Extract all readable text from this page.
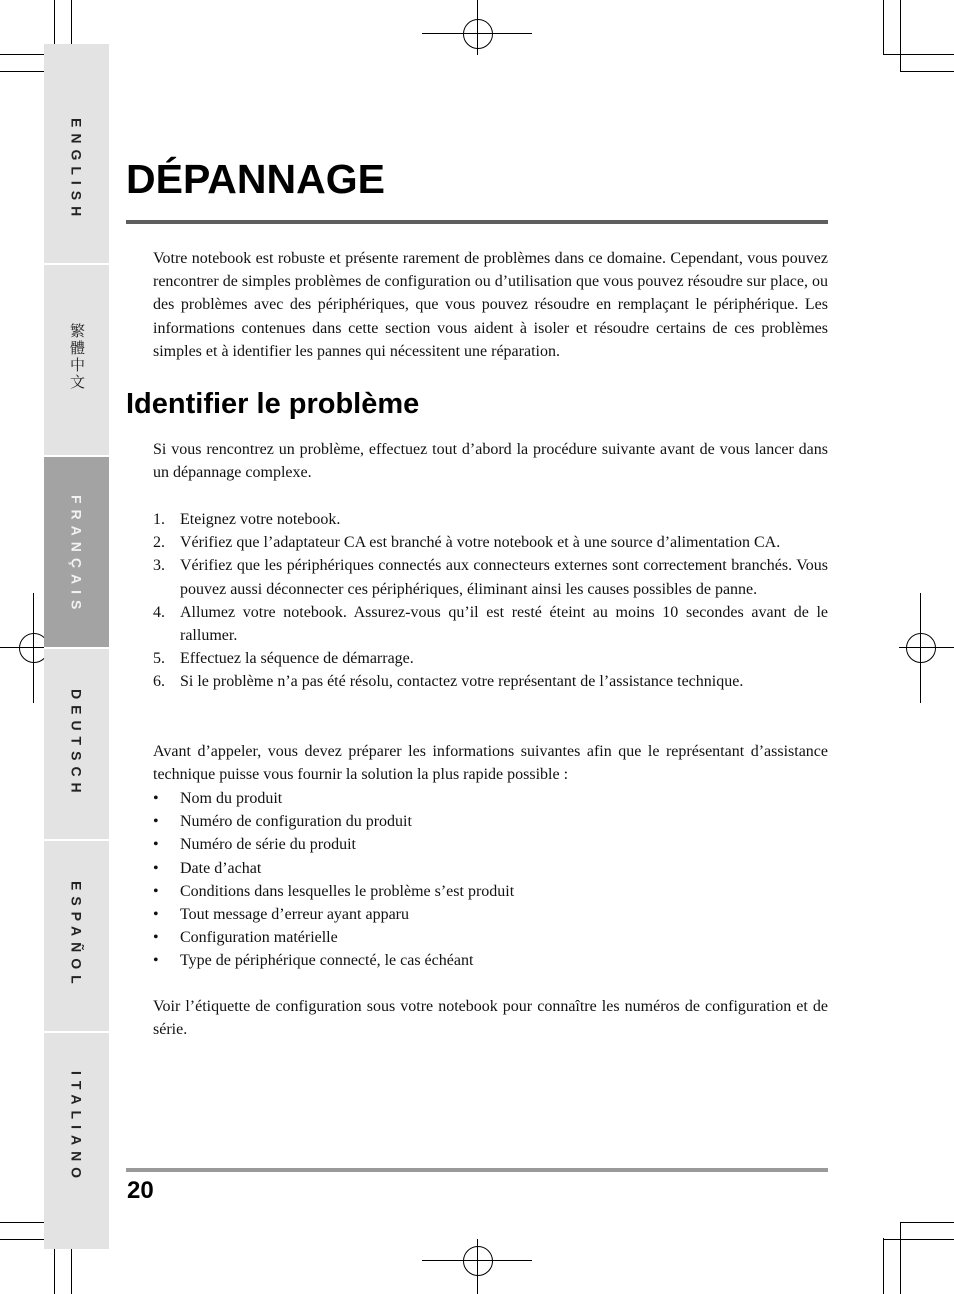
ENGLISH
繁體中文
FRANÇAIS
DEUTSCH
ESPAÑOL
ITALIANO
DÉPANNAGE

Votre notebook est robuste et présente rarement de problèmes dans ce domaine. Cependant, vous pouvez rencontrer de simples problèmes de configuration ou d’utilisation que vous pouvez résoudre sur place, ou des problèmes avec des périphériques, que vous pouvez résoudre en remplaçant le périphérique. Les informations contenues dans cette section vous aident à isoler et résoudre certains de ces problèmes simples et à identifier les pannes qui nécessitent une réparation.

Identifier le problème

Si vous rencontrez un problème, effectuez tout d’abord la procédure suivante avant de vous lancer dans un dépannage complexe.

1. Eteignez votre notebook.
2. Vérifiez que l’adaptateur CA est branché à votre notebook et à une source d’alimentation CA.
3. Vérifiez que les périphériques connectés aux connecteurs externes sont correctement branchés. Vous pouvez aussi déconnecter ces périphériques, éliminant ainsi les causes possibles de panne.
4. Allumez votre notebook. Assurez-vous qu’il est resté éteint au moins 10 secondes avant de le rallumer.
5. Effectuez la séquence de démarrage.
6. Si le problème n’a pas été résolu, contactez votre représentant de l’assistance technique.

Avant d’appeler, vous devez préparer les informations suivantes afin que le représentant d’assistance technique puisse vous fournir la solution la plus rapide possible :

•	Nom du produit
•	Numéro de configuration du produit
•	Numéro de série du produit
•	Date d’achat
•	Conditions dans lesquelles le problème s’est produit
•	Tout message d’erreur ayant apparu
•	Configuration matérielle
•	Type de périphérique connecté, le cas échéant

Voir l’étiquette de configuration sous votre notebook pour connaître les numéros de configuration et de série.

20
